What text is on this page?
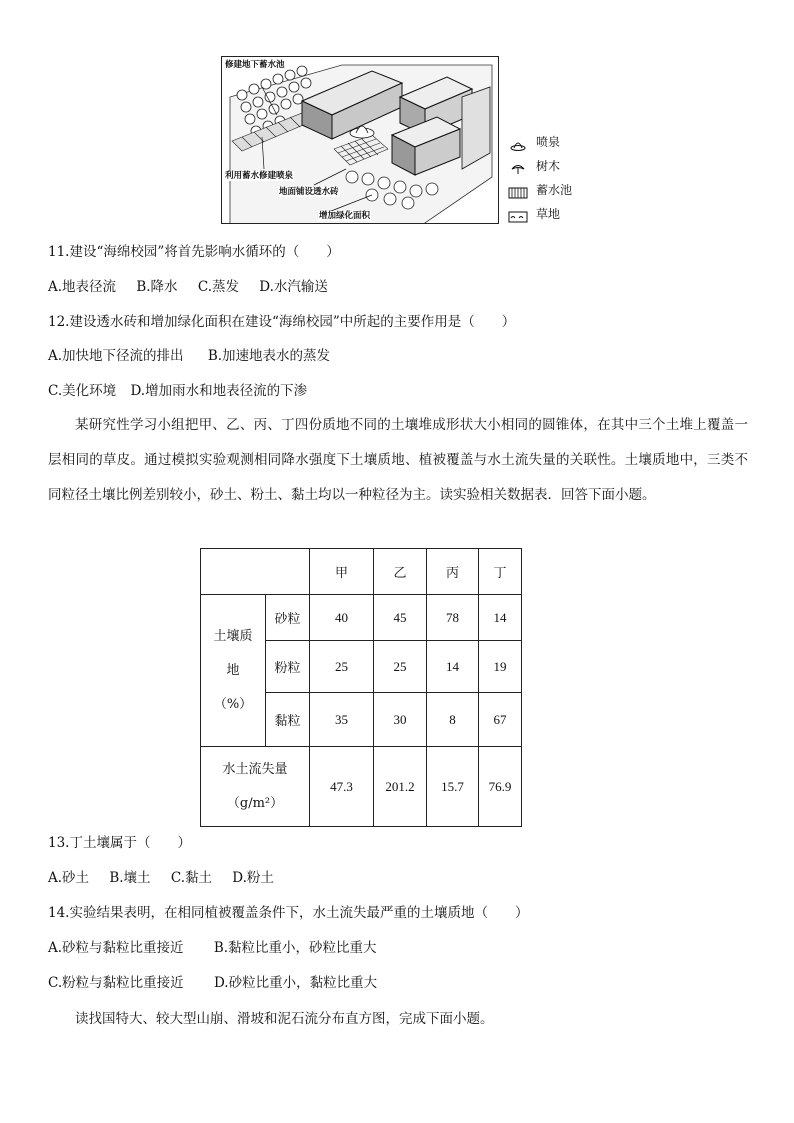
修建地下蓄水池
利用蓄水修建喷泉
地面铺设透水砖
增加绿化面积
喷泉
树木
蓄水池
草地
11.建设“海绵校园”将首先影响水循环的（　　）
A.地表径流 B.降水 C.蒸发 D.水汽输送
12.建设透水砖和增加绿化面积在建设“海绵校园”中所起的主要作用是（　　）
A.加快地下径流的排出 B.加速地表水的蒸发
C.美化环境 D.增加雨水和地表径流的下渗
某研究性学习小组把甲、乙、丙、丁四份质地不同的土壤堆成形状大小相同的圆锥体，在其中三个土堆上覆盖一层相同的草皮。通过模拟实验观测相同降水强度下土壤质地、植被覆盖与水土流失量的关联性。土壤质地中，三类不同粒径土壤比例差别较小，砂土、粉土、黏土均以一种粒径为主。读实验相关数据表．回答下面小题。
		甲	乙	丙	丁

土壤质
地
（%）	砂粒	40	45	78	14
	粉粒	25	25	14	19
	黏粒	35	30	8	67

水土流失量
（g/m²）		47.3	201.2	15.7	76.9
13.丁土壤属于（　　）
A.砂土 B.壤土 C.黏土 D.粉土
14.实验结果表明，在相同植被覆盖条件下，水土流失最严重的土壤质地（　　）
A.砂粒与黏粒比重接近 B.黏粒比重小，砂粒比重大
C.粉粒与黏粒比重接近 D.砂粒比重小，黏粒比重大
读找国特大、较大型山崩、滑坡和泥石流分布直方图，完成下面小题。
